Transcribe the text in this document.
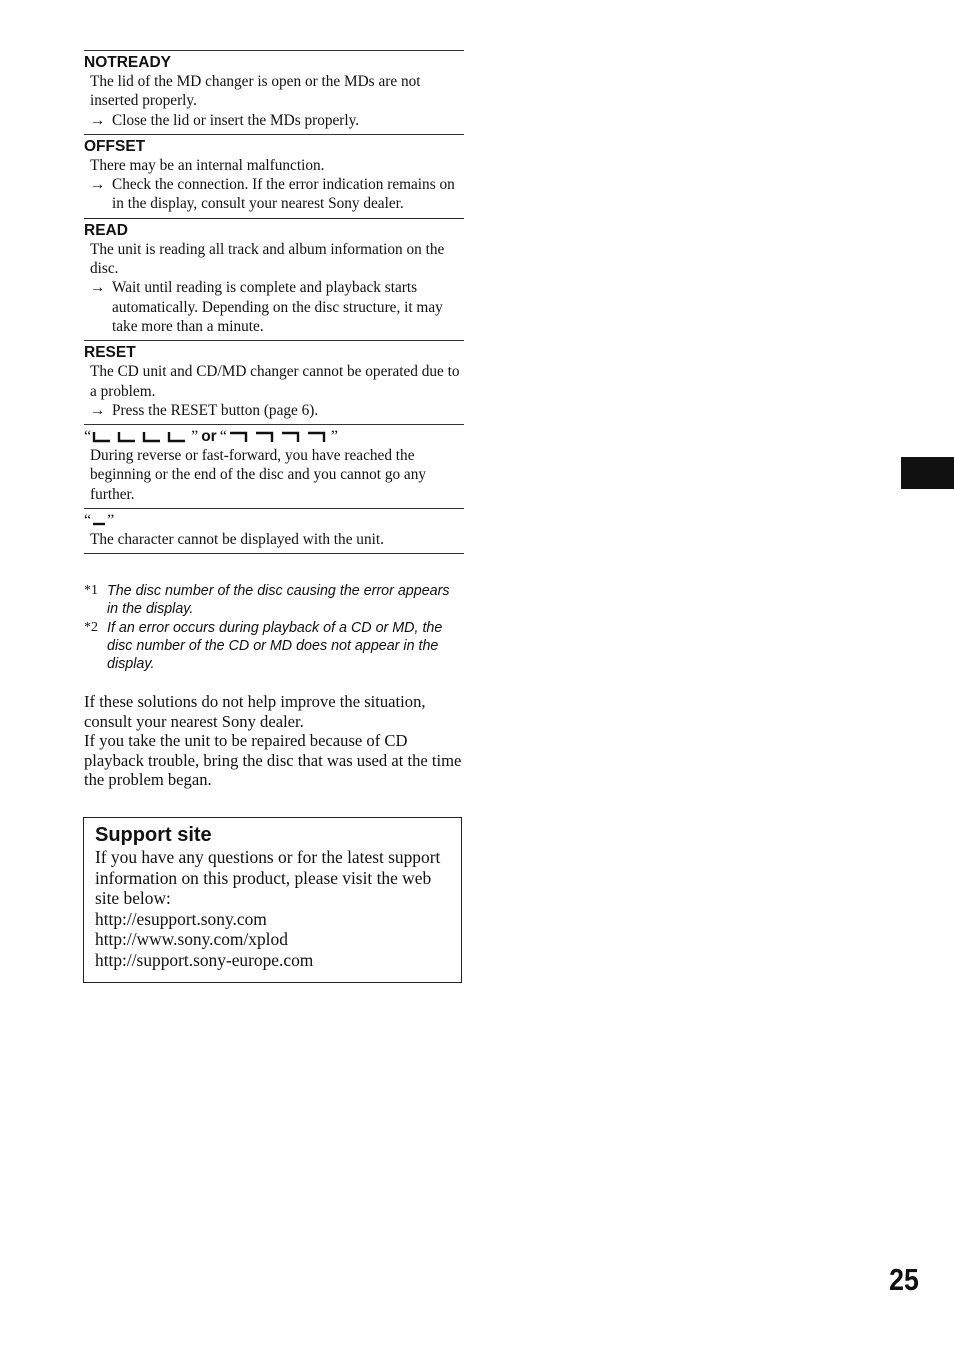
NOTREADY
The lid of the MD changer is open or the MDs are not inserted properly.
→ Close the lid or insert the MDs properly.
OFFSET
There may be an internal malfunction.
→ Check the connection. If the error indication remains on in the display, consult your nearest Sony dealer.
READ
The unit is reading all track and album information on the disc.
→ Wait until reading is complete and playback starts automatically. Depending on the disc structure, it may take more than a minute.
RESET
The CD unit and CD/MD changer cannot be operated due to a problem.
→ Press the RESET button (page 6).
“	” or “	”
During reverse or fast-forward, you have reached the beginning or the end of the disc and you cannot go any further.
“ ”
The character cannot be displayed with the unit.
*1 The disc number of the disc causing the error appears in the display.
*2 If an error occurs during playback of a CD or MD, the disc number of the CD or MD does not appear in the display.

If these solutions do not help improve the situation, consult your nearest Sony dealer.

If you take the unit to be repaired because of CD playback trouble, bring the disc that was used at the time the problem began.

Support site
If you have any questions or for the latest support information on this product, please visit the web site below:
http://esupport.sony.com
http://www.sony.com/xplod
http://support.sony-europe.com
25
